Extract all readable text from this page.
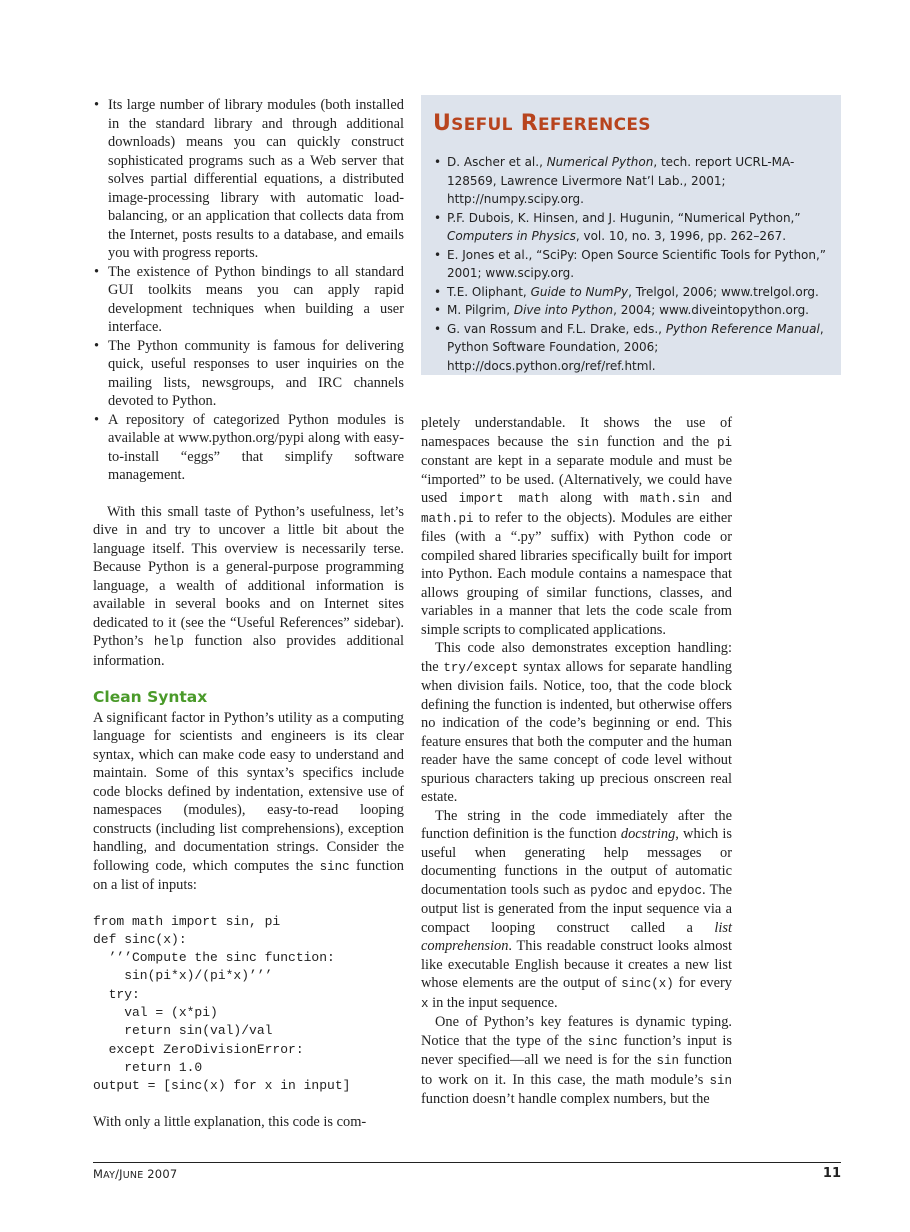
• Its large number of library modules (both installed in the standard library and through additional downloads) means you can quickly construct sophisticated programs such as a Web server that solves partial differential equations, a distributed image-processing library with automatic load-balancing, or an application that collects data from the Internet, posts results to a database, and emails you with progress reports.
• The existence of Python bindings to all standard GUI toolkits means you can apply rapid development techniques when building a user interface.
• The Python community is famous for delivering quick, useful responses to user inquiries on the mailing lists, newsgroups, and IRC channels devoted to Python.
• A repository of categorized Python modules is available at www.python.org/pypi along with easy-to-install “eggs” that simplify software management.

With this small taste of Python’s usefulness, let’s dive in and try to uncover a little bit about the language itself. This overview is necessarily terse. Because Python is a general-purpose programming language, a wealth of additional information is available in several books and on Internet sites dedicated to it (see the “Useful References” sidebar). Python’s help function also provides additional information.

Clean Syntax

A significant factor in Python’s utility as a computing language for scientists and engineers is its clear syntax, which can make code easy to understand and maintain. Some of this syntax’s specifics include code blocks defined by indentation, extensive use of namespaces (modules), easy-to-read looping constructs (including list comprehensions), exception handling, and documentation strings. Consider the following code, which computes the sinc function on a list of inputs:

from math import sin, pi
def sinc(x):
’’’Compute the sinc function:
sin(pi*x)/(pi*x)’’’
try:
val = (x*pi)
return sin(val)/val
except ZeroDivisionError:
return 1.0
output = [sinc(x) for x in input]

With only a little explanation, this code is com-

USEFUL REFERENCES
• D. Ascher et al., Numerical Python, tech. report UCRL-MA-128569, Lawrence Livermore Nat’l Lab., 2001; http://numpy.scipy.org.
• P.F. Dubois, K. Hinsen, and J. Hugunin, “Numerical Python,” Computers in Physics, vol. 10, no. 3, 1996, pp. 262–267.
• E. Jones et al., “SciPy: Open Source Scientific Tools for Python,” 2001; www.scipy.org.
• T.E. Oliphant, Guide to NumPy, Trelgol, 2006; www.trelgol.org.
• M. Pilgrim, Dive into Python, 2004; www.diveintopython.org.
• G. van Rossum and F.L. Drake, eds., Python Reference Manual, Python Software Foundation, 2006; http://docs.python.org/ref/ref.html.

pletely understandable. It shows the use of namespaces because the sin function and the pi constant are kept in a separate module and must be “imported” to be used. (Alternatively, we could have used import math along with math.sin and math.pi to refer to the objects). Modules are either files (with a “.py” suffix) with Python code or compiled shared libraries specifically built for import into Python. Each module contains a namespace that allows grouping of similar functions, classes, and variables in a manner that lets the code scale from simple scripts to complicated applications.

This code also demonstrates exception handling: the try/except syntax allows for separate handling when division fails. Notice, too, that the code block defining the function is indented, but otherwise offers no indication of the code’s beginning or end. This feature ensures that both the computer and the human reader have the same concept of code level without spurious characters taking up precious onscreen real estate.

The string in the code immediately after the function definition is the function docstring, which is useful when generating help messages or documenting functions in the output of automatic documentation tools such as pydoc and epydoc. The output list is generated from the input sequence via a compact looping construct called a list comprehension. This readable construct looks almost like executable English because it creates a new list whose elements are the output of sinc(x) for every x in the input sequence.

One of Python’s key features is dynamic typing. Notice that the type of the sinc function’s input is never specified—all we need is for the sin function to work on it. In this case, the math module’s sin function doesn’t handle complex numbers, but the

MAY/JUNE 2007	11
